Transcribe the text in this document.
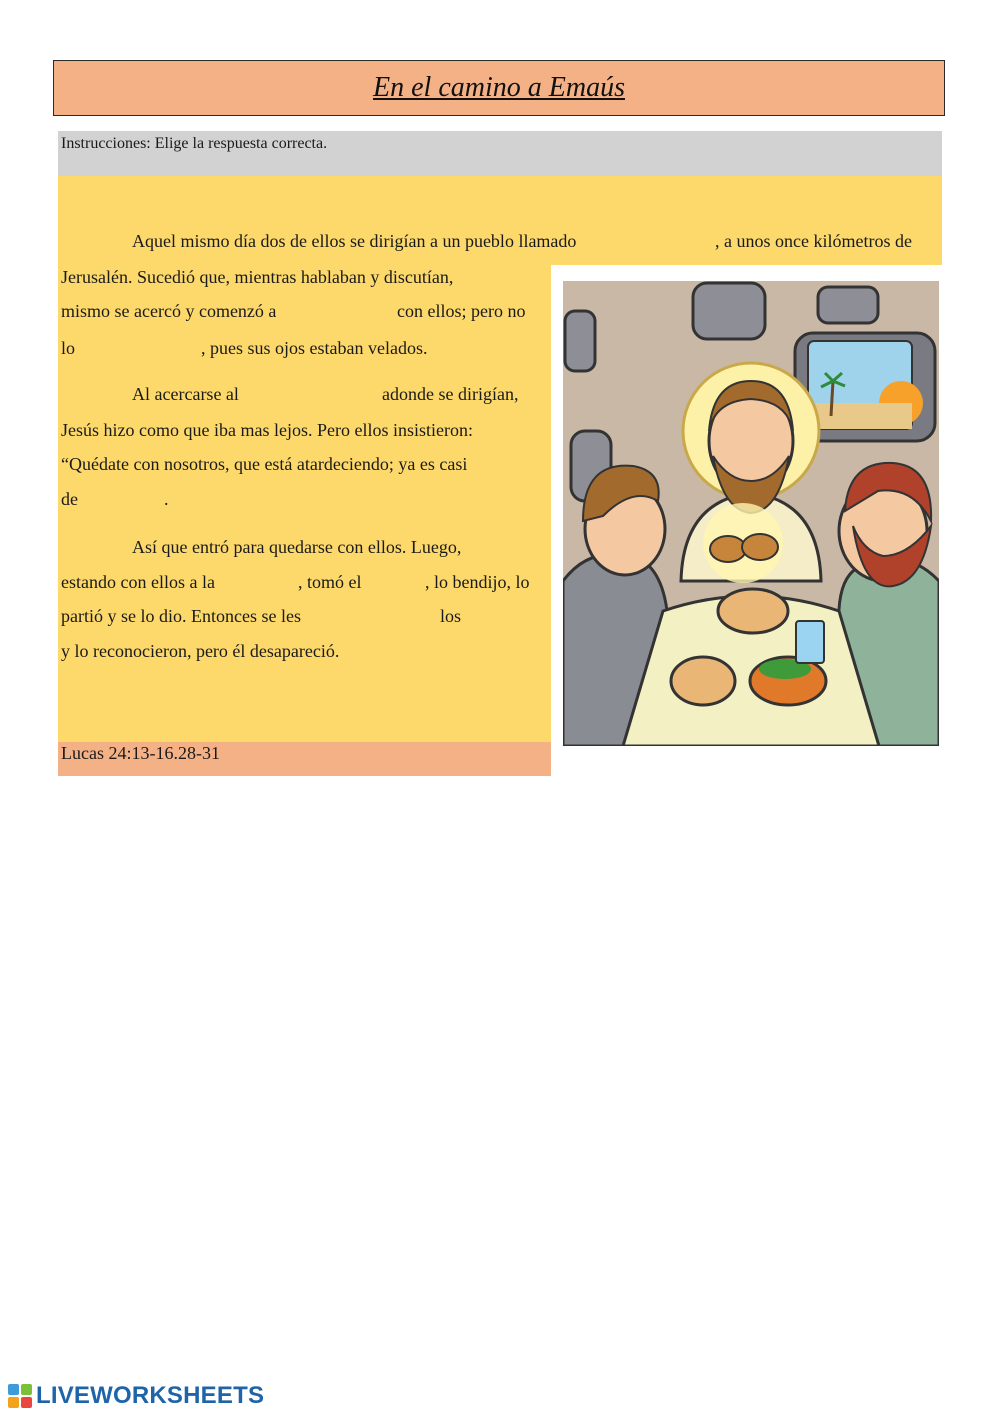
En el camino a Emaús
Instrucciones: Elige la respuesta correcta.
Aquel mismo día dos de ellos se dirigían a un pueblo llamado	, a unos once kilómetros de
Jerusalén. Sucedió que, mientras hablaban y discutían,
mismo se acercó y comenzó a	con ellos; pero no
lo	, pues sus ojos estaban velados.
Al acercarse al	adonde se dirigían,
Jesús hizo como que iba mas lejos. Pero ellos insistieron:
“Quédate con nosotros, que está atardeciendo; ya es casi
de	.
Así que entró para quedarse con ellos. Luego,
estando con ellos a la	, tomó el	, lo bendijo, lo
partió y se lo dio. Entonces se les	los
y lo reconocieron, pero él desapareció.
Lucas 24:13-16.28-31
LIVEWORKSHEETS
